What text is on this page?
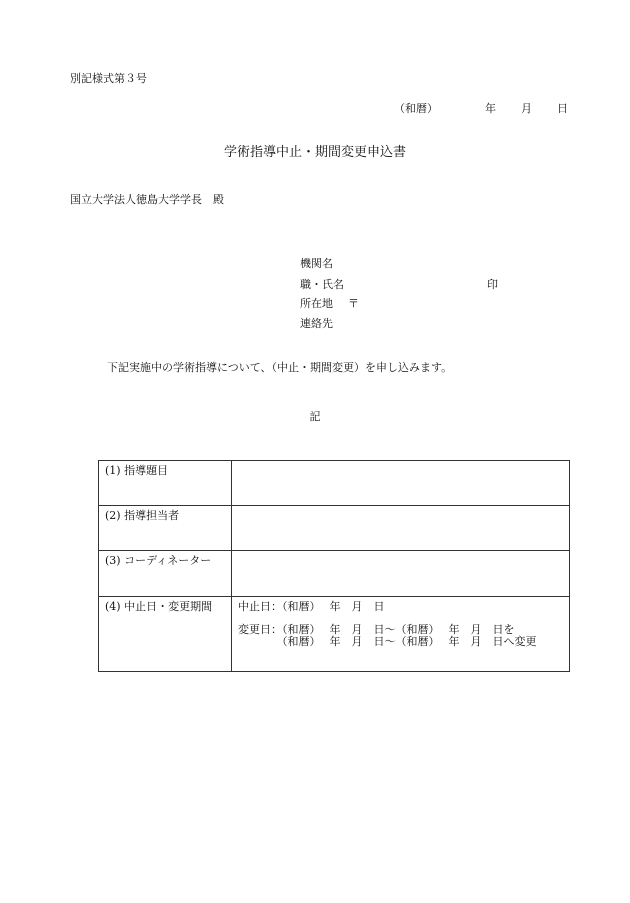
別記様式第３号
（和暦）	年 月 日
学術指導中止・期間変更申込書
国立大学法人徳島大学学長　殿
機関名
職・氏名	印
所在地 〒
連絡先
下記実施中の学術指導について、（中止・期間変更）を申し込みます。
記
(1) 指導題目	
(2) 指導担当者	
(3) コーディネーター	
(4) 中止日・変更期間	中止日：（和暦）　 年　月　日
変更日：（和暦）　 年　月　日～（和暦）　 年　月　日を
　　　　（和暦）　 年　月　日～（和暦）　 年　月　日へ変更
